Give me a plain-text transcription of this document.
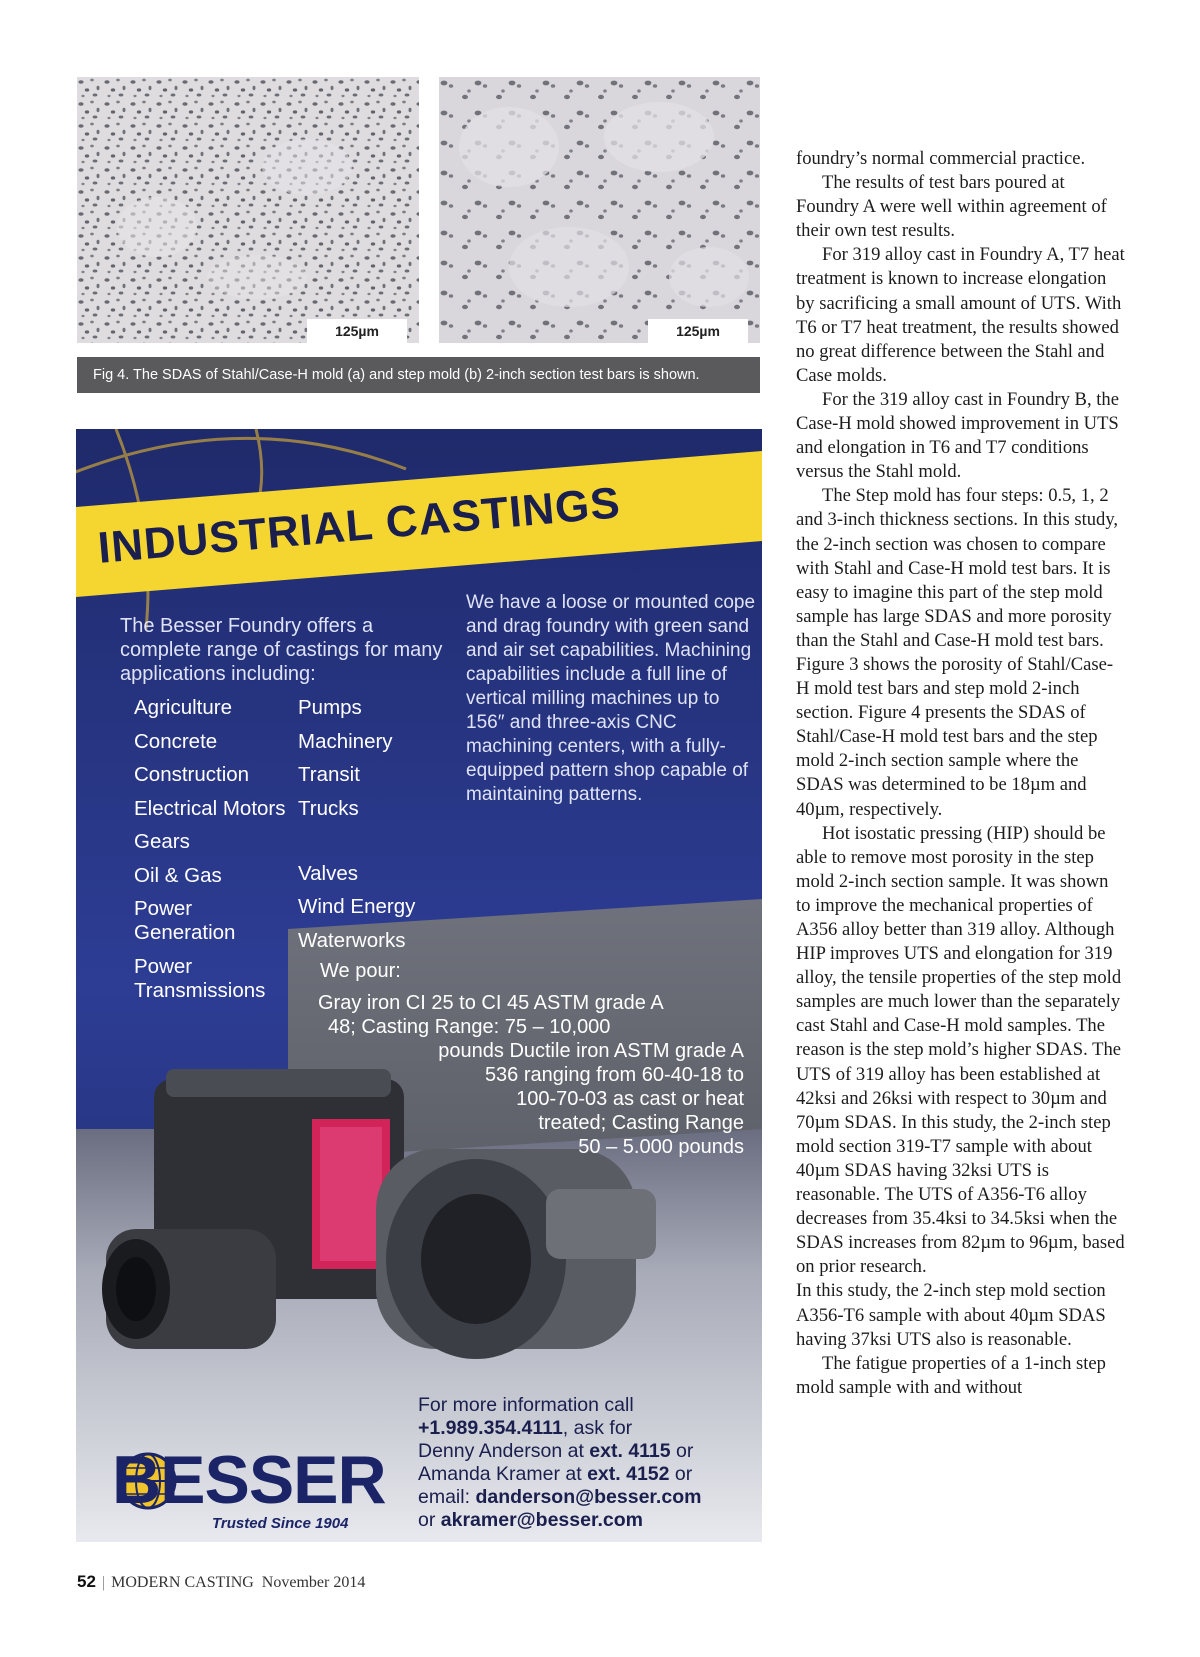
125µm	125µm
Fig 4. The SDAS of Stahl/Case-H mold (a) and step mold (b) 2-inch section test bars is shown.
INDUSTRIAL CASTINGS
The Besser Foundry offers a complete range of castings for many applications including:
Agriculture
Concrete
Construction
Electrical Motors
Gears
Oil & Gas
Power Generation
Power Transmissions
Pumps
Machinery
Transit
Trucks
Valves
Wind Energy
Waterworks
We have a loose or mounted cope and drag foundry with green sand and air set capabilities. Machining capabilities include a full line of vertical milling machines up to 156″ and three-axis CNC machining centers, with a fully-equipped pattern shop capable of maintaining patterns.
We pour:
Gray iron CI 25 to CI 45 ASTM grade A
48; Casting Range: 75 – 10,000
pounds Ductile iron ASTM grade A
536 ranging from 60-40-18 to
100-70-03 as cast or heat
treated; Casting Range
50 – 5.000 pounds
For more information call
+1.989.354.4111, ask for
Denny Anderson at ext. 4115 or
Amanda Kramer at ext. 4152 or
email: danderson@besser.com
or akramer@besser.com
BESSER
Trusted Since 1904

foundry’s normal commercial practice.

The results of test bars poured at Foundry A were well within agreement of their own test results.

For 319 alloy cast in Foundry A, T7 heat treatment is known to increase elongation by sacrificing a small amount of UTS. With T6 or T7 heat treatment, the results showed no great difference between the Stahl and Case molds.

For the 319 alloy cast in Foundry B, the Case-H mold showed improvement in UTS and elongation in T6 and T7 conditions versus the Stahl mold.

The Step mold has four steps: 0.5, 1, 2 and 3-inch thickness sections. In this study, the 2-inch section was chosen to compare with Stahl and Case-H mold test bars. It is easy to imagine this part of the step mold sample has large SDAS and more porosity than the Stahl and Case-H mold test bars. Figure 3 shows the porosity of Stahl/Case-H mold test bars and step mold 2-inch section. Figure 4 presents the SDAS of Stahl/Case-H mold test bars and the step mold 2-inch section sample where the SDAS was determined to be 18µm and 40µm, respectively.

Hot isostatic pressing (HIP) should be able to remove most porosity in the step mold 2-inch section sample. It was shown to improve the mechanical properties of A356 alloy better than 319 alloy. Although HIP improves UTS and elongation for 319 alloy, the tensile properties of the step mold samples are much lower than the separately cast Stahl and Case-H mold samples. The reason is the step mold’s higher SDAS. The UTS of 319 alloy has been established at 42ksi and 26ksi with respect to 30µm and 70µm SDAS. In this study, the 2-inch step mold section 319-T7 sample with about 40µm SDAS having 32ksi UTS is reasonable. The UTS of A356-T6 alloy decreases from 35.4ksi to 34.5ksi when the SDAS increases from 82µm to 96µm, based on prior research.

In this study, the 2-inch step mold section A356-T6 sample with about 40µm SDAS having 37ksi UTS also is reasonable.

The fatigue properties of a 1-inch step mold sample with and without

52 | MODERN CASTING November 2014
